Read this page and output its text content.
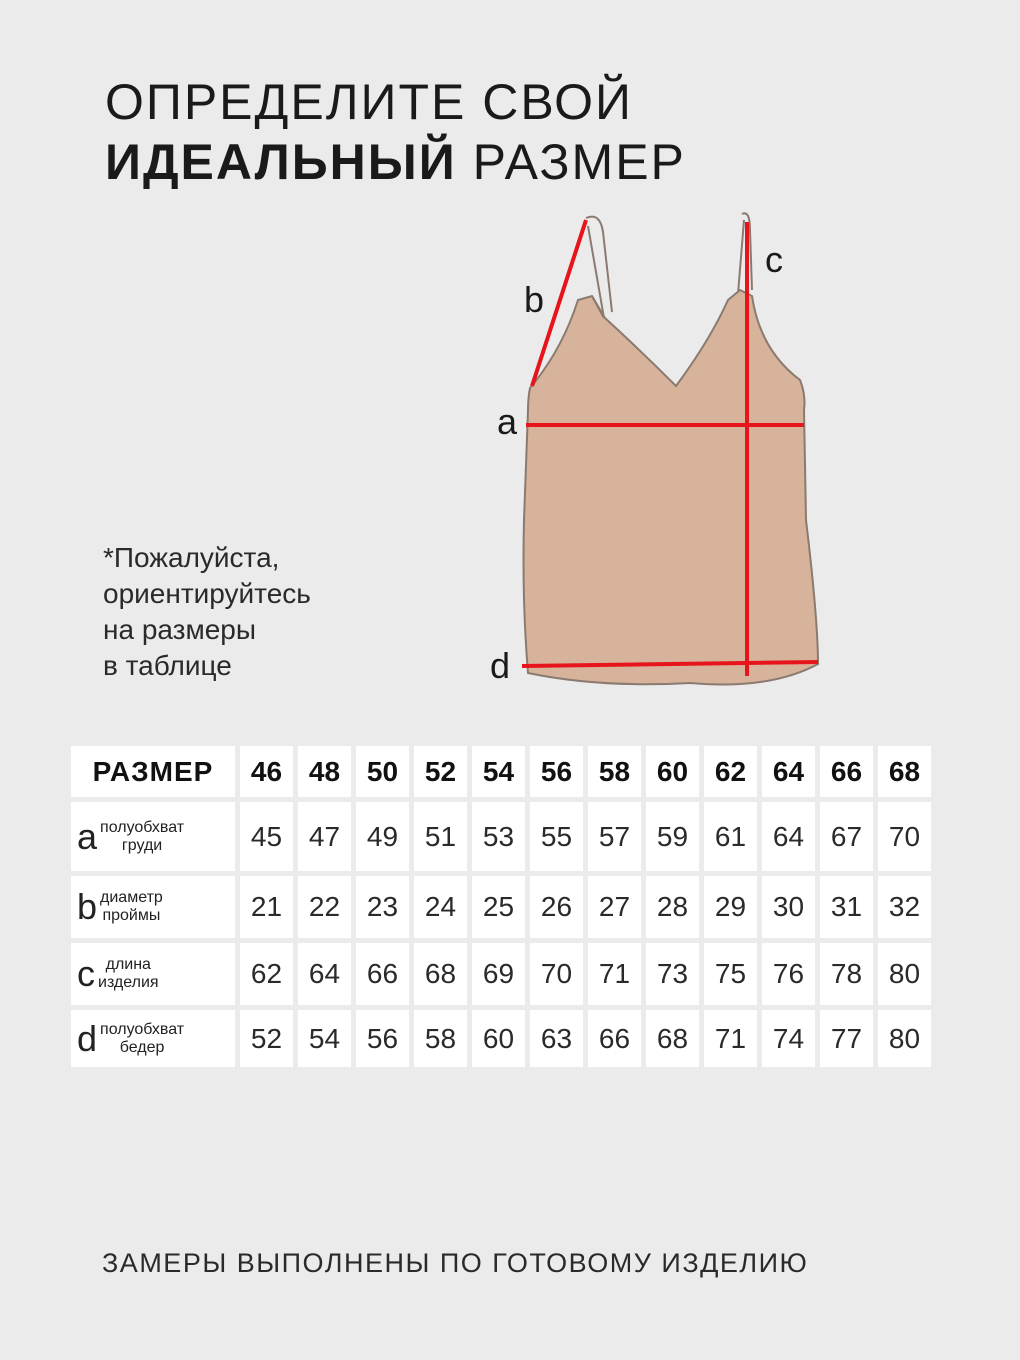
ОПРЕДЕЛИТЕ СВОЙ
ИДЕАЛЬНЫЙ РАЗМЕР
b
c
a
d
*Пожалуйста,
ориентируйтесь
на размеры
в таблице
РАЗМЕР	46	48	50	52	54	56	58	60	62	64	66	68

a полуобхват
груди	45	47	49	51	53	55	57	59	61	64	67	70

b диаметр
проймы	21	22	23	24	25	26	27	28	29	30	31	32

c длина
изделия	62	64	66	68	69	70	71	73	75	76	78	80

d полуобхват
бедер	52	54	56	58	60	63	66	68	71	74	77	80
ЗАМЕРЫ ВЫПОЛНЕНЫ ПО ГОТОВОМУ ИЗДЕЛИЮ
